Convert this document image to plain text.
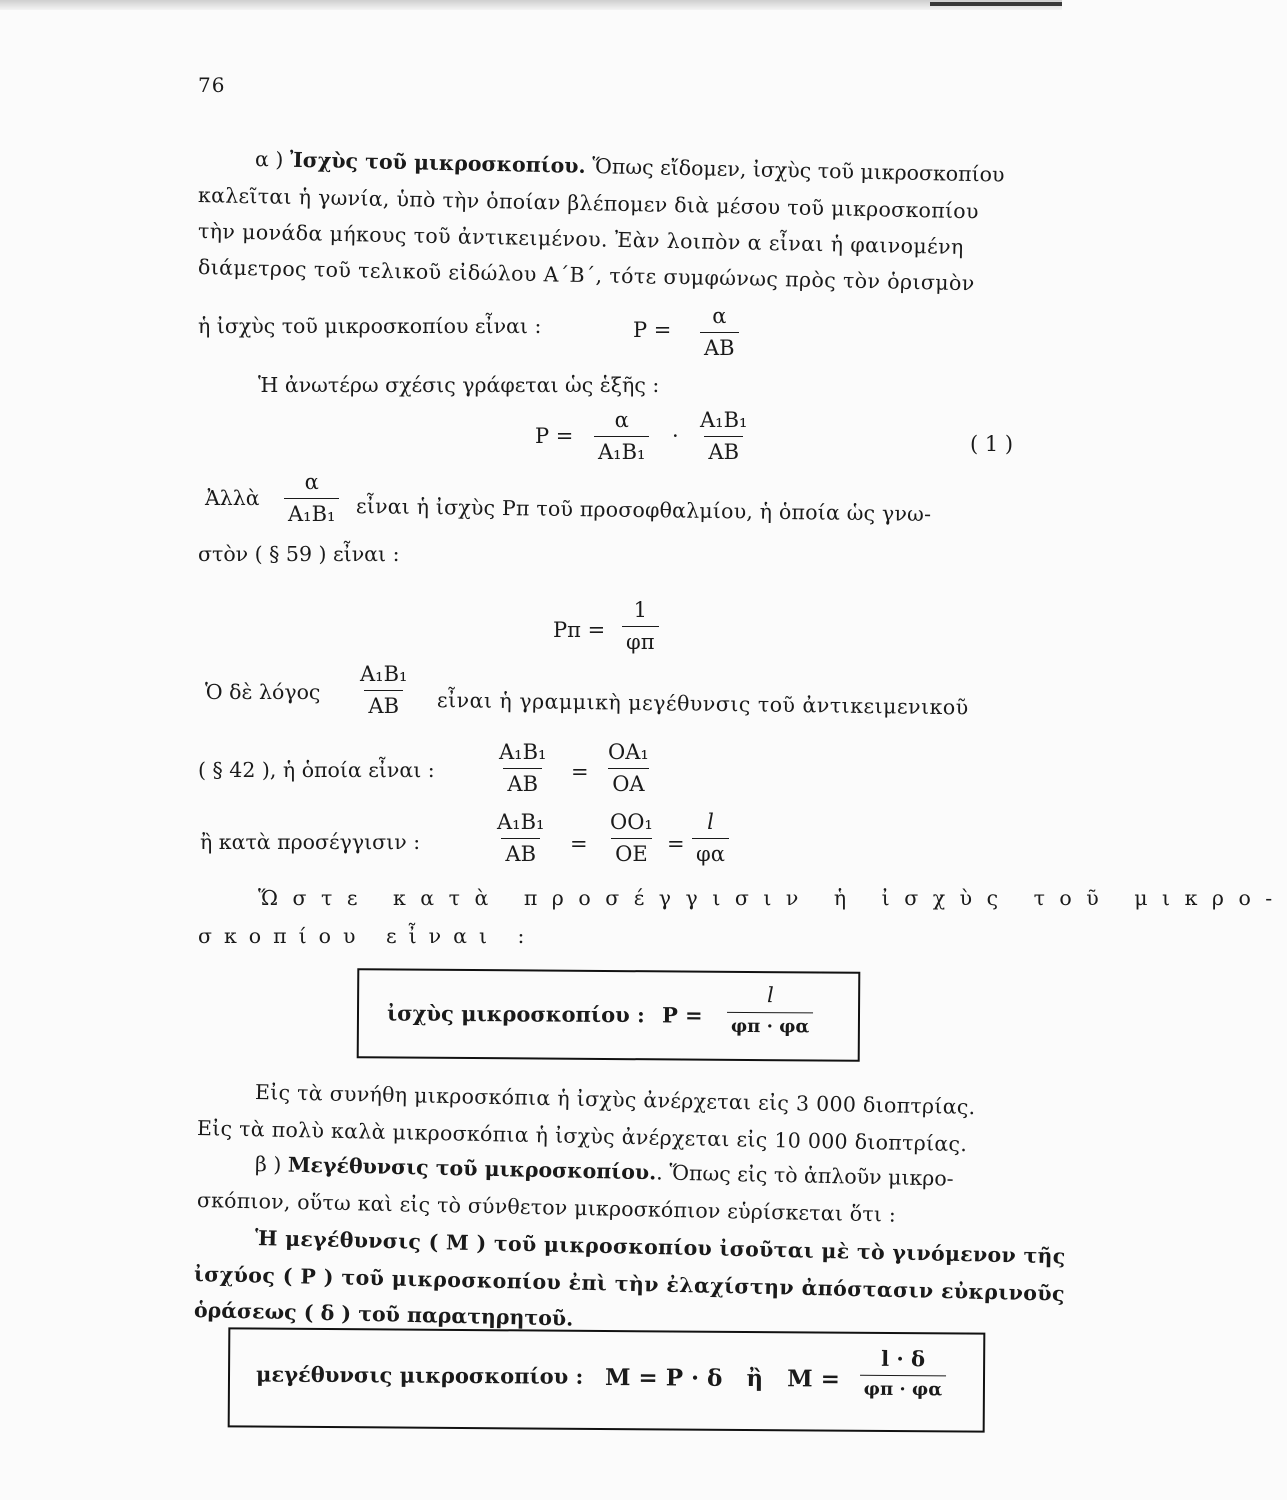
76
α ) Ἰσχὺς τοῦ μικροσκοπίου. Ὅπως εἴδομεν, ἰσχὺς τοῦ μικροσκοπίου
καλεῖται ἡ γωνία, ὑπὸ τὴν ὁποίαν βλέπομεν διὰ μέσου τοῦ μικροσκοπίου
τὴν μονάδα μήκους τοῦ ἀντικειμένου. Ἐὰν λοιπὸν α εἶναι ἡ φαινομένη
διάμετρος τοῦ τελικοῦ εἰδώλου Α΄Β΄, τότε συμφώνως πρὸς τὸν ὁρισμὸν
ἡ ἰσχὺς τοῦ μικροσκοπίου εἶναι :	$P = \frac{\alpha}{AB}$
Ἡ ἀνωτέρω σχέσις γράφεται ὡς ἑξῆς :
$P = \frac{\alpha}{\text{A₁B₁}} \cdot \frac{\text{A₁B₁}}{AB}$	( 1 )
Ἀλλὰ $\frac{\alpha}{\text{A₁B₁}}$ εἶναι ἡ ἰσχὺς Pπ τοῦ προσοφθαλμίου, ἡ ὁποία ὡς γνω-
στὸν ( § 59 ) εἶναι :
$P\pi = \frac{1}{\varphi\pi}$
Ὁ δὲ λόγος $\frac{\text{A₁B₁}}{AB}$ εἶναι ἡ γραμμικὴ μεγέθυνσις τοῦ ἀντικειμενικοῦ
( § 42 ), ἡ ὁποία εἶναι :	$\frac{\text{A₁B₁}}{AB} = \frac{\text{OA₁}}{OA}$
ἢ κατὰ προσέγγισιν :	$\frac{\text{A₁B₁}}{AB} = \frac{\text{OO₁}}{OE} = \frac{l}{\varphi\alpha}$
Ὥστε κατὰ προσέγγισιν ἡ ἰσχὺς τοῦ μικρο-
σκοπίου εἶναι :
ἰσχὺς μικροσκοπίου : $P = \frac{l}{\varphi\pi \cdot \varphi\alpha}$
Εἰς τὰ συνήθη μικροσκόπια ἡ ἰσχὺς ἀνέρχεται εἰς 3 000 διοπτρίας.
Εἰς τὰ πολὺ καλὰ μικροσκόπια ἡ ἰσχὺς ἀνέρχεται εἰς 10 000 διοπτρίας.
β ) Μεγέθυνσις τοῦ μικροσκοπίου.. Ὅπως εἰς τὸ ἁπλοῦν μικρο-
σκόπιον, οὕτω καὶ εἰς τὸ σύνθετον μικροσκόπιον εὑρίσκεται ὅτι :
Ἡ μεγέθυνσις ( M ) τοῦ μικροσκοπίου ἰσοῦται μὲ τὸ γινόμενον τῆς
ἰσχύος ( P ) τοῦ μικροσκοπίου ἐπὶ τὴν ἐλαχίστην ἀπόστασιν εὐκρινοῦς
ὁράσεως ( δ ) τοῦ παρατηρητοῦ.
μεγέθυνσις μικροσκοπίου : M = P · δ   ἢ   $M = \frac{l \cdot \delta}{\varphi\pi \cdot \varphi\alpha}$
